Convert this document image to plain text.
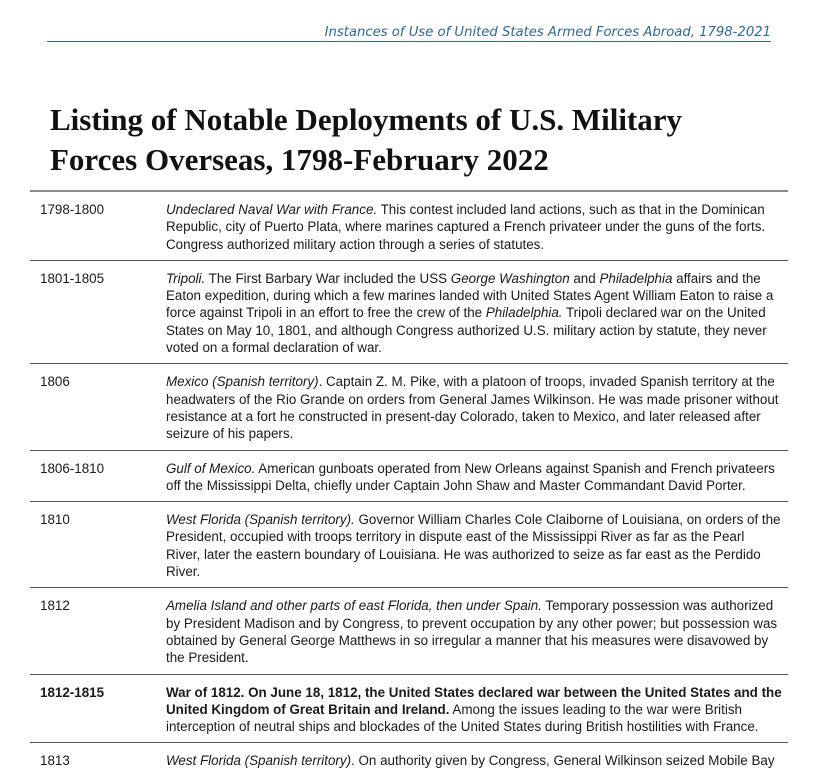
Instances of Use of United States Armed Forces Abroad, 1798-2021
Listing of Notable Deployments of U.S. Military
Forces Overseas, 1798-February 2022
1798-1800	Undeclared Naval War with France. This contest included land actions, such as that in the Dominican Republic, city of Puerto Plata, where marines captured a French privateer under the guns of the forts. Congress authorized military action through a series of statutes.
1801-1805	Tripoli. The First Barbary War included the USS George Washington and Philadelphia affairs and the Eaton expedition, during which a few marines landed with United States Agent William Eaton to raise a force against Tripoli in an effort to free the crew of the Philadelphia. Tripoli declared war on the United States on May 10, 1801, and although Congress authorized U.S. military action by statute, they never voted on a formal declaration of war.
1806	Mexico (Spanish territory). Captain Z. M. Pike, with a platoon of troops, invaded Spanish territory at the headwaters of the Rio Grande on orders from General James Wilkinson. He was made prisoner without resistance at a fort he constructed in present-day Colorado, taken to Mexico, and later released after seizure of his papers.
1806-1810	Gulf of Mexico. American gunboats operated from New Orleans against Spanish and French privateers off the Mississippi Delta, chiefly under Captain John Shaw and Master Commandant David Porter.
1810	West Florida (Spanish territory). Governor William Charles Cole Claiborne of Louisiana, on orders of the President, occupied with troops territory in dispute east of the Mississippi River as far as the Pearl River, later the eastern boundary of Louisiana. He was authorized to seize as far east as the Perdido River.
1812	Amelia Island and other parts of east Florida, then under Spain. Temporary possession was authorized by President Madison and by Congress, to prevent occupation by any other power; but possession was obtained by General George Matthews in so irregular a manner that his measures were disavowed by the President.
1812-1815	War of 1812. On June 18, 1812, the United States declared war between the United States and the United Kingdom of Great Britain and Ireland. Among the issues leading to the war were British interception of neutral ships and blockades of the United States during British hostilities with France.
1813	West Florida (Spanish territory). On authority given by Congress, General Wilkinson seized Mobile Bay
